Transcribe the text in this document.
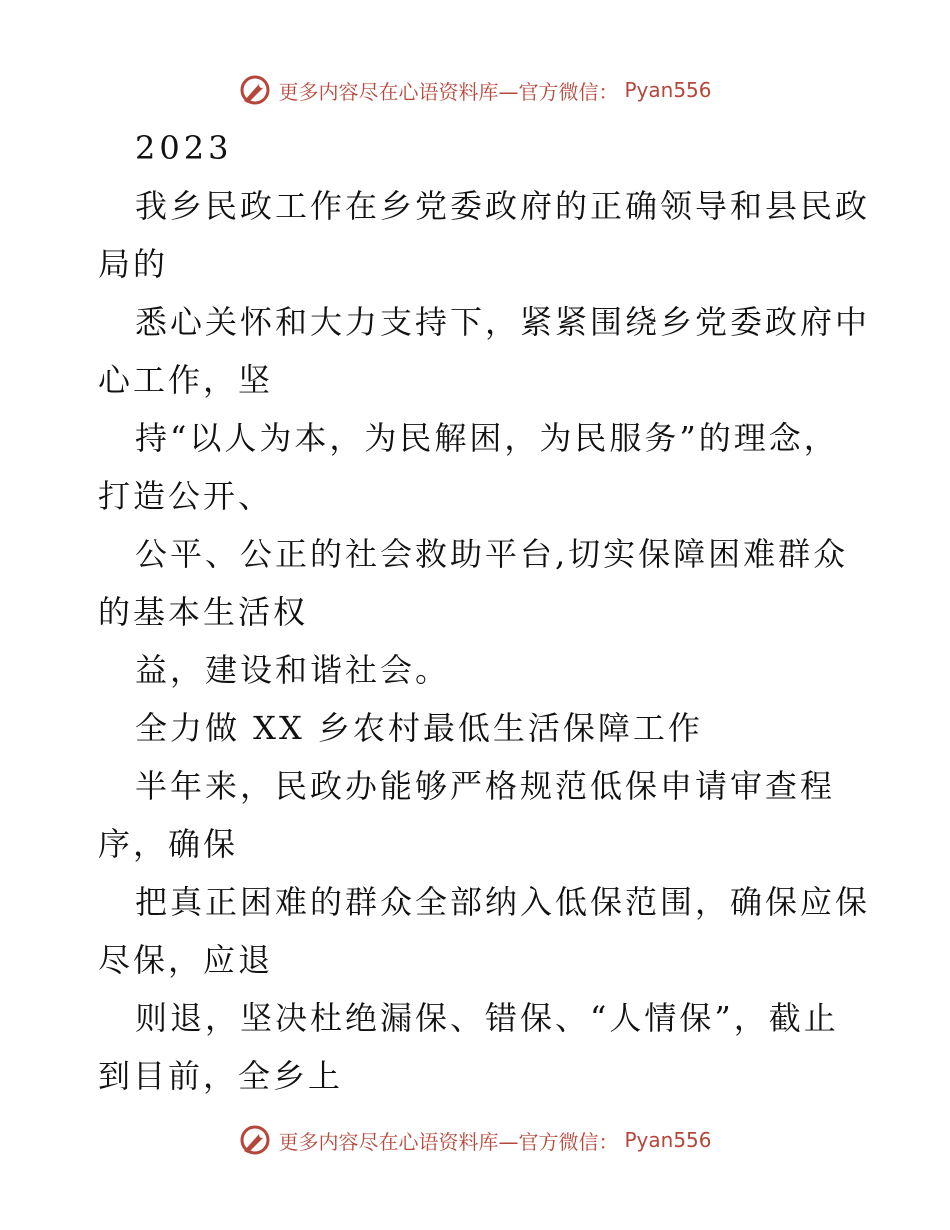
更多内容尽在心语资料库—官方微信： Pyan556

2023

我乡民政工作在乡党委政府的正确领导和县民政

局的

悉心关怀和大力支持下，紧紧围绕乡党委政府中

心工作，坚

持“以人为本，为民解困，为民服务”的理念，

打造公开、

公平、公正的社会救助平台,切实保障困难群众

的基本生活权

益，建设和谐社会。

全力做 XX 乡农村最低生活保障工作

半年来，民政办能够严格规范低保申请审查程

序，确保

把真正困难的群众全部纳入低保范围，确保应保

尽保，应退

则退，坚决杜绝漏保、错保、“人情保”，截止

到目前，全乡上

更多内容尽在心语资料库—官方微信： Pyan556
